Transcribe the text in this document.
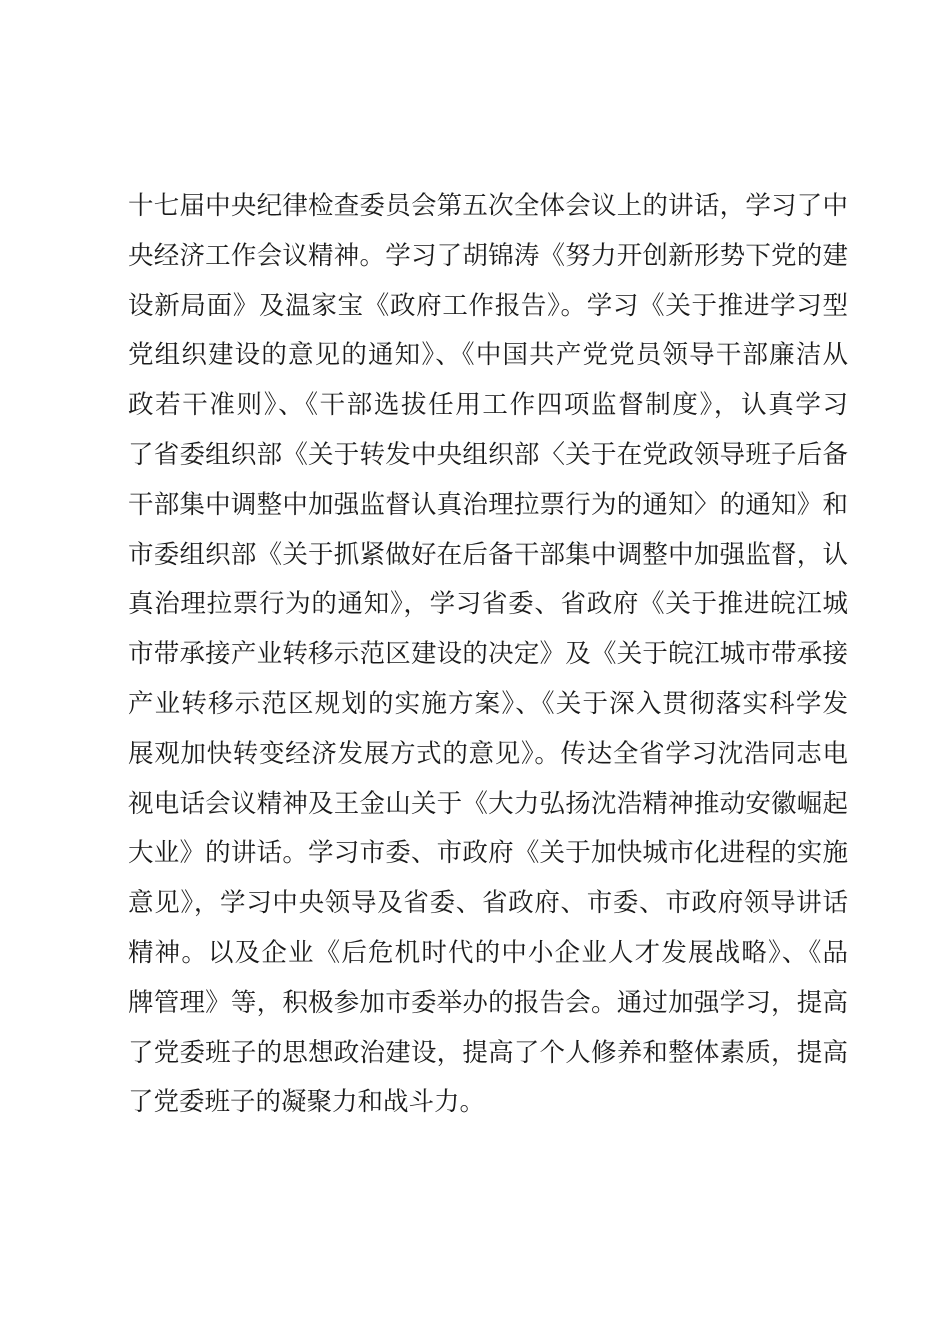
十七届中央纪律检查委员会第五次全体会议上的讲话，学习了中
央经济工作会议精神。学习了胡锦涛《努力开创新形势下党的建
设新局面》及温家宝《政府工作报告》。学习《关于推进学习型
党组织建设的意见的通知》、《中国共产党党员领导干部廉洁从
政若干准则》、《干部选拔任用工作四项监督制度》，认真学习
了省委组织部《关于转发中央组织部〈关于在党政领导班子后备
干部集中调整中加强监督认真治理拉票行为的通知〉的通知》和
市委组织部《关于抓紧做好在后备干部集中调整中加强监督，认
真治理拉票行为的通知》，学习省委、省政府《关于推进皖江城
市带承接产业转移示范区建设的决定》及《关于皖江城市带承接
产业转移示范区规划的实施方案》、《关于深入贯彻落实科学发
展观加快转变经济发展方式的意见》。传达全省学习沈浩同志电
视电话会议精神及王金山关于《大力弘扬沈浩精神推动安徽崛起
大业》的讲话。学习市委、市政府《关于加快城市化进程的实施
意见》，学习中央领导及省委、省政府、市委、市政府领导讲话
精神。以及企业《后危机时代的中小企业人才发展战略》、《品
牌管理》等，积极参加市委举办的报告会。通过加强学习，提高
了党委班子的思想政治建设，提高了个人修养和整体素质，提高
了党委班子的凝聚力和战斗力。
